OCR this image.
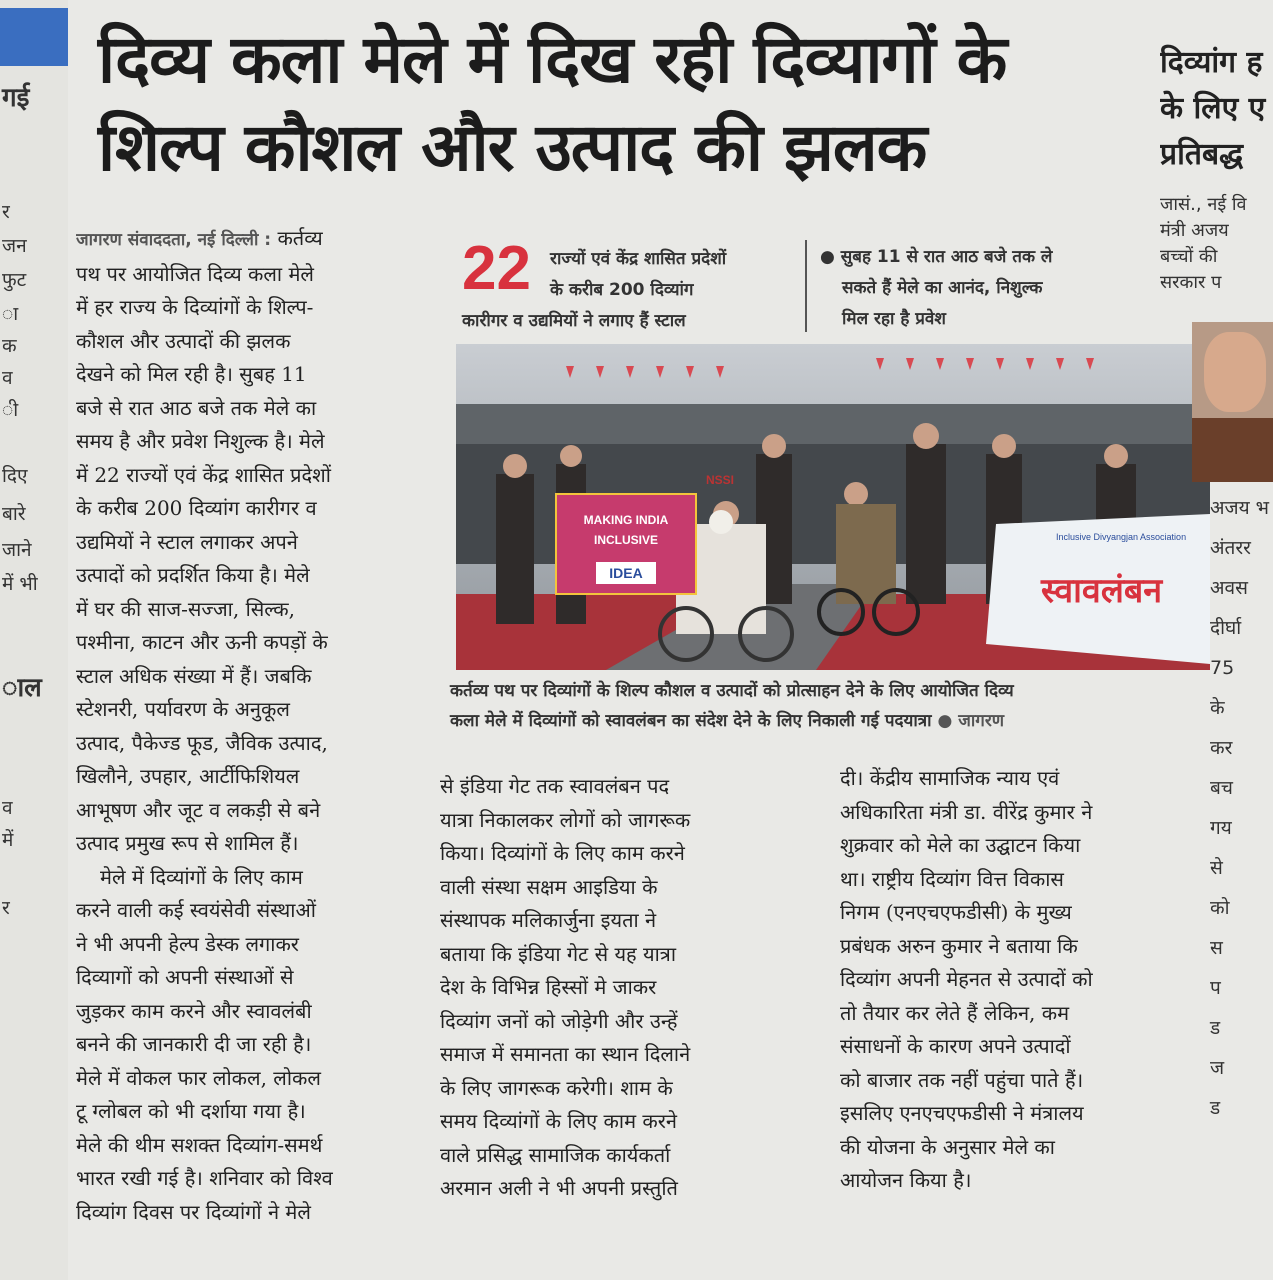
गई
र
जन
फुट
ा
क
व
ी
दिए
बारे
जाने
में भी
ाल
व
में
र
दिव्य कला मेले में दिख रही दिव्यागों के
शिल्प कौशल और उत्पाद की झलक
22 राज्यों एवं केंद्र शासित प्रदेशों
के करीब 200 दिव्यांग
कारीगर व उद्यमियों ने लगाए हैं स्टाल
● सुबह 11 से रात आठ बजे तक ले
सकते हैं मेले का आनंद, निशुल्क
मिल रहा है प्रवेश
MAKING INDIA
INCLUSIVE
IDEA
Inclusive Divyangjan Association
स्वावलंबन
NSSI
कर्तव्य पथ पर दिव्यांगों के शिल्प कौशल व उत्पादों को प्रोत्साहन देने के लिए आयोजित दिव्य
कला मेले में दिव्यांगों को स्वावलंबन का संदेश देने के लिए निकाली गई पदयात्रा ● जागरण
जागरण संवाददता, नई दिल्ली : कर्तव्य
पथ पर आयोजित दिव्य कला मेले
में हर राज्य के दिव्यांगों के शिल्प-
कौशल और उत्पादों की झलक
देखने को मिल रही है। सुबह 11
बजे से रात आठ बजे तक मेले का
समय है और प्रवेश निशुल्क है। मेले
में 22 राज्यों एवं केंद्र शासित प्रदेशों
के करीब 200 दिव्यांग कारीगर व
उद्यमियों ने स्टाल लगाकर अपने
उत्पादों को प्रदर्शित किया है। मेले
में घर की साज-सज्जा, सिल्क,
पश्मीना, काटन और ऊनी कपड़ों के
स्टाल अधिक संख्या में हैं। जबकि
स्टेशनरी, पर्यावरण के अनुकूल
उत्पाद, पैकेज्ड फूड, जैविक उत्पाद,
खिलौने, उपहार, आर्टीफिशियल
आभूषण और जूट व लकड़ी से बने
उत्पाद प्रमुख रूप से शामिल हैं।
मेले में दिव्यांगों के लिए काम
करने वाली कई स्वयंसेवी संस्थाओं
ने भी अपनी हेल्प डेस्क लगाकर
दिव्यागों को अपनी संस्थाओं से
जुड़कर काम करने और स्वावलंबी
बनने की जानकारी दी जा रही है।
मेले में वोकल फार लोकल, लोकल
टू ग्लोबल को भी दर्शाया गया है।
मेले की थीम सशक्त दिव्यांग-समर्थ
भारत रखी गई है। शनिवार को विश्व
दिव्यांग दिवस पर दिव्यांगों ने मेले
से इंडिया गेट तक स्वावलंबन पद
यात्रा निकालकर लोगों को जागरूक
किया। दिव्यांगों के लिए काम करने
वाली संस्था सक्षम आइडिया के
संस्थापक मलिकार्जुना इयता ने
बताया कि इंडिया गेट से यह यात्रा
देश के विभिन्न हिस्सों मे जाकर
दिव्यांग जनों को जोड़ेगी और उन्हें
समाज में समानता का स्थान दिलाने
के लिए जागरूक करेगी। शाम के
समय दिव्यांगों के लिए काम करने
वाले प्रसिद्ध सामाजिक कार्यकर्ता
अरमान अली ने भी अपनी प्रस्तुति
दी। केंद्रीय सामाजिक न्याय एवं
अधिकारिता मंत्री डा. वीरेंद्र कुमार ने
शुक्रवार को मेले का उद्घाटन किया
था। राष्ट्रीय दिव्यांग वित्त विकास
निगम (एनएचएफडीसी) के मुख्य
प्रबंधक अरुन कुमार ने बताया कि
दिव्यांग अपनी मेहनत से उत्पादों को
तो तैयार कर लेते हैं लेकिन, कम
संसाधनों के कारण अपने उत्पादों
को बाजार तक नहीं पहुंचा पाते हैं।
इसलिए एनएचएफडीसी ने मंत्रालय
की योजना के अनुसार मेले का
आयोजन किया है।
दिव्यांग ह
के लिए ए
प्रतिबद्ध
जासं., नई वि
मंत्री अजय
बच्चों की
सरकार प
अजय भ
अंतरर
अवस
दीर्घा
75
के
कर
बच
गय
से
को
स
प
ड
ज
ड
